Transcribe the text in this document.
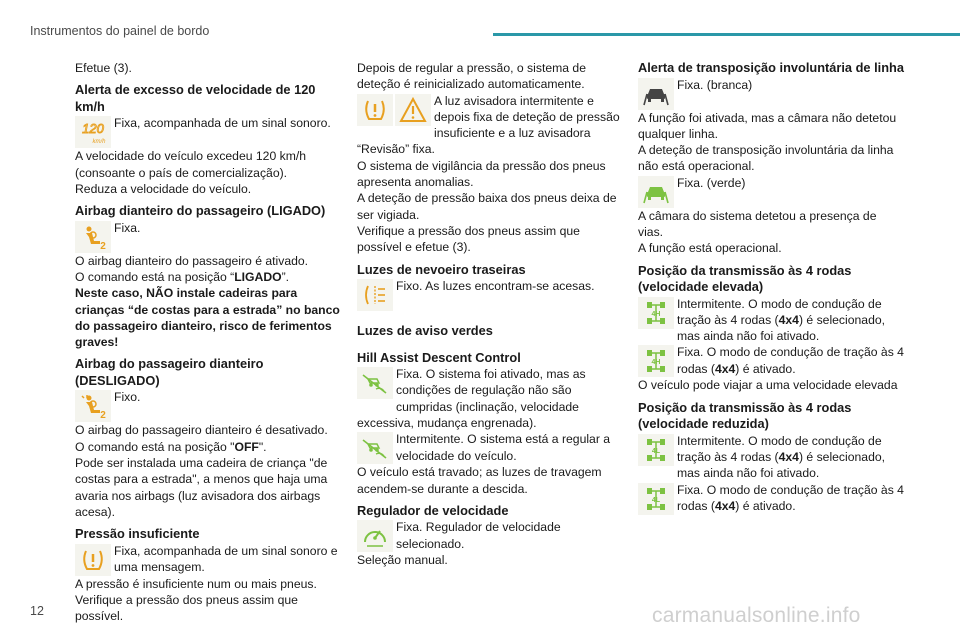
Instrumentos do painel de bordo
Efetue (3).
Alerta de excesso de velocidade de 120 km/h
120
km/h
Fixa, acompanhada de um sinal sonoro.
A velocidade do veículo excedeu 120 km/h (consoante o país de comercialização).
Reduza a velocidade do veículo.
Airbag dianteiro do passageiro (LIGADO)
2
Fixa.
O airbag dianteiro do passageiro é ativado.
O comando está na posição “LIGADO”.
Neste caso, NÃO instale cadeiras para crianças “de costas para a estrada” no banco do passageiro dianteiro, risco de ferimentos graves!
Airbag do passageiro dianteiro (DESLIGADO)
2
Fixo.
O airbag do passageiro dianteiro é desativado.
O comando está na posição "OFF".
Pode ser instalada uma cadeira de criança "de costas para a estrada", a menos que haja uma avaria nos airbags (luz avisadora dos airbags acesa).
Pressão insuficiente
Fixa, acompanhada de um sinal sonoro e uma mensagem.
A pressão é insuficiente num ou mais pneus.
Verifique a pressão dos pneus assim que possível.
Depois de regular a pressão, o sistema de deteção é reinicializado automaticamente.
A luz avisadora intermitente e depois fixa de deteção de pressão insuficiente e a luz avisadora “Revisão” fixa.
O sistema de vigilância da pressão dos pneus apresenta anomalias.
A deteção de pressão baixa dos pneus deixa de ser vigiada.
Verifique a pressão dos pneus assim que possível e efetue (3).
Luzes de nevoeiro traseiras
Fixo. As luzes encontram-se acesas.
Luzes de aviso verdes
Hill Assist Descent Control
Fixa. O sistema foi ativado, mas as condições de regulação não são cumpridas (inclinação, velocidade excessiva, mudança engrenada).
Intermitente. O sistema está a regular a velocidade do veículo.
O veículo está travado; as luzes de travagem acendem-se durante a descida.
Regulador de velocidade
Fixa. Regulador de velocidade selecionado.
Seleção manual.
Alerta de transposição involuntária de linha
Fixa. (branca)
A função foi ativada, mas a câmara não detetou qualquer linha.
A deteção de transposição involuntária da linha não está operacional.
Fixa. (verde)
A câmara do sistema detetou a presença de vias.
A função está operacional.
Posição da transmissão às 4 rodas (velocidade elevada)
4H
Intermitente. O modo de condução de tração às 4 rodas (4x4) é selecionado, mas ainda não foi ativado.
4H
Fixa. O modo de condução de tração às 4 rodas (4x4) é ativado.
O veículo pode viajar a uma velocidade elevada
Posição da transmissão às 4 rodas (velocidade reduzida)
4L
Intermitente. O modo de condução de tração às 4 rodas (4x4) é selecionado, mas ainda não foi ativado.
4L
Fixa. O modo de condução de tração às 4 rodas (4x4) é ativado.
12	carmanualsonline.info
